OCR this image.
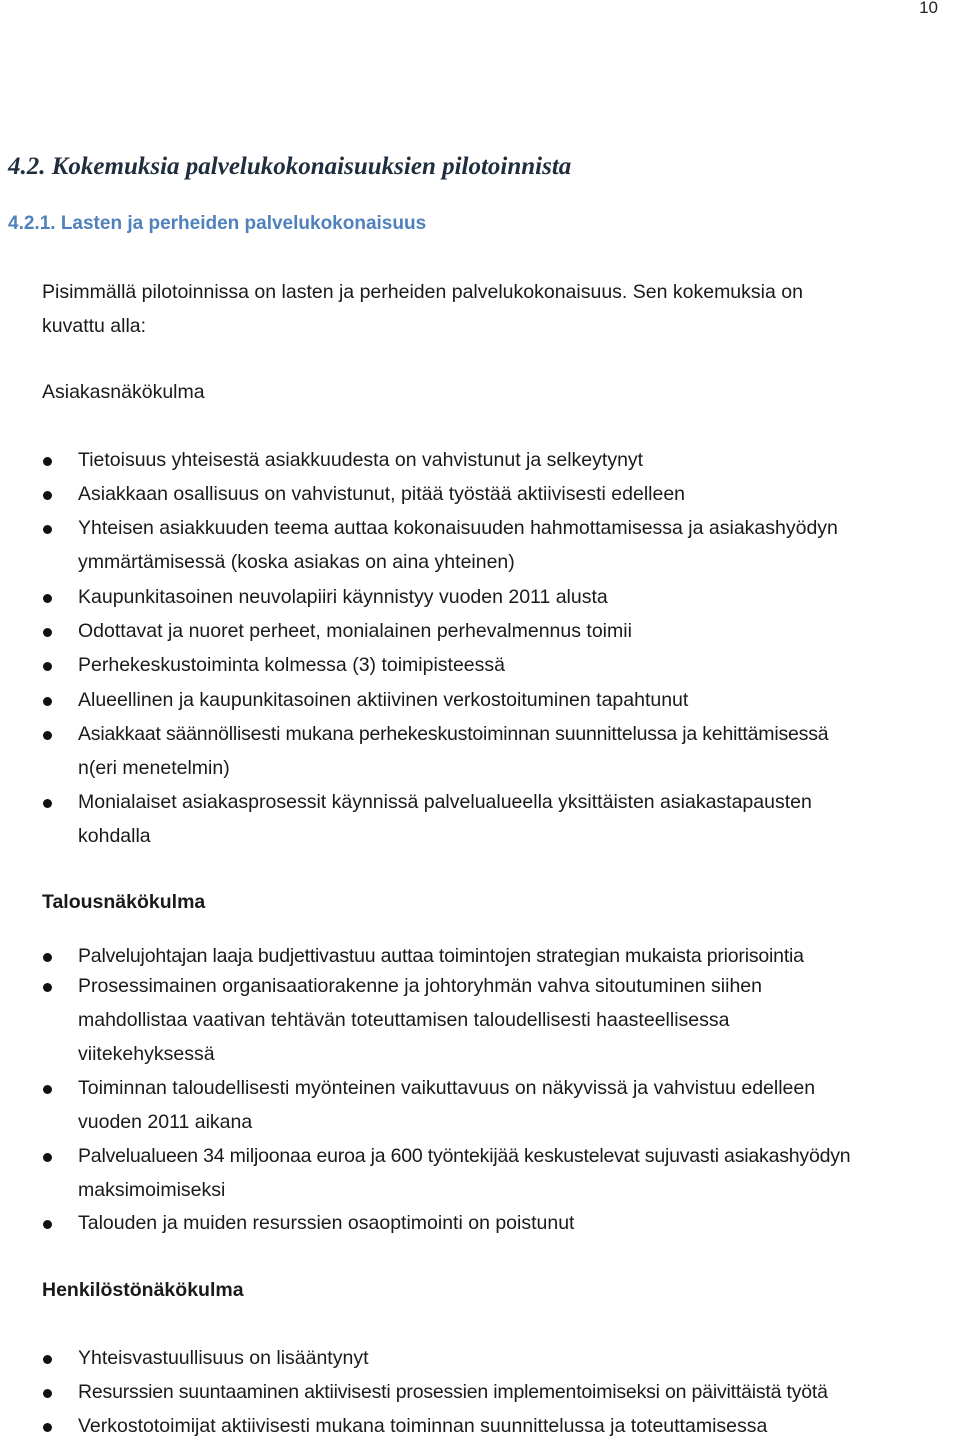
10
4.2. Kokemuksia palvelukokonaisuuksien pilotoinnista
4.2.1. Lasten ja perheiden palvelukokonaisuus
Pisimmällä pilotoinnissa on lasten ja perheiden palvelukokonaisuus. Sen kokemuksia on
kuvattu alla:
Asiakasnäkökulma
Tietoisuus yhteisestä asiakkuudesta on vahvistunut ja selkeytynyt
Asiakkaan osallisuus on vahvistunut, pitää työstää aktiivisesti edelleen
Yhteisen asiakkuuden teema auttaa kokonaisuuden hahmottamisessa ja asiakashyödyn
ymmärtämisessä (koska asiakas on aina yhteinen)
Kaupunkitasoinen neuvolapiiri käynnistyy vuoden 2011 alusta
Odottavat ja nuoret perheet, monialainen perhevalmennus toimii
Perhekeskustoiminta kolmessa (3) toimipisteessä
Alueellinen ja kaupunkitasoinen aktiivinen verkostoituminen tapahtunut
Asiakkaat säännöllisesti mukana perhekeskustoiminnan suunnittelussa ja kehittämisessä
n(eri menetelmin)
Monialaiset asiakasprosessit käynnissä palvelualueella yksittäisten asiakastapausten
kohdalla
Talousnäkökulma
Palvelujohtajan laaja budjettivastuu auttaa toimintojen strategian mukaista priorisointia
Prosessimainen organisaatiorakenne ja johtoryhmän vahva sitoutuminen siihen
mahdollistaa vaativan tehtävän toteuttamisen taloudellisesti haasteellisessa
viitekehyksessä
Toiminnan taloudellisesti myönteinen vaikuttavuus on näkyvissä ja vahvistuu edelleen
vuoden 2011 aikana
Palvelualueen 34 miljoonaa euroa ja 600 työntekijää keskustelevat sujuvasti asiakashyödyn
maksimoimiseksi
Talouden ja muiden resurssien osaoptimointi on poistunut
Henkilöstönäkökulma
Yhteisvastuullisuus on lisääntynyt
Resurssien suuntaaminen aktiivisesti prosessien implementoimiseksi on päivittäistä työtä
Verkostotoimijat aktiivisesti mukana toiminnan suunnittelussa ja toteuttamisessa
